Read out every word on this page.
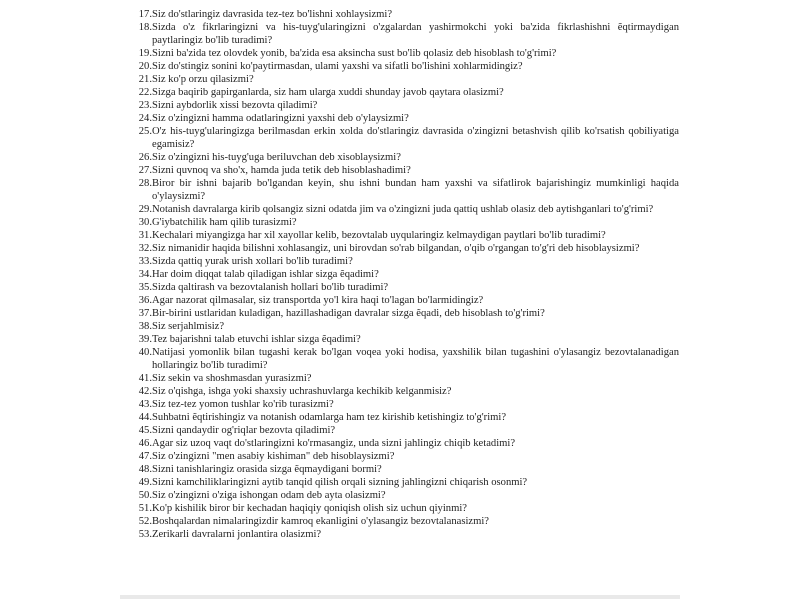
17. Siz do'stlaringiz davrasida tez-tez bo'lishni xohlaysizmi?
18. Sizda o'z fikrlaringizni va his-tuyg'ularingizni o'zgalardan yashirmokchi yoki ba'zida fikrlashishni ẽqtirmaydigan paytlaringiz bo'lib turadimi?
19. Sizni ba'zida tez olovdek yonib, ba'zida esa aksincha sust bo'lib qolasiz deb hisoblash to'g'rimi?
20. Siz do'stingiz sonini ko'paytirmasdan, ulami yaxshi va sifatli bo'lishini xohlarmidingiz?
21. Siz ko'p orzu qilasizmi?
22. Sizga baqirib gapirganlarda, siz ham ularga xuddi shunday javob qaytara olasizmi?
23. Sizni aybdorlik xissi bezovta qiladimi?
24. Siz o'zingizni hamma odatlaringizni yaxshi deb o'ylaysizmi?
25. O'z his-tuyg'ularingizga berilmasdan erkin xolda do'stlaringiz davrasida o'zingizni betashvish qilib ko'rsatish qobiliyatiga egamisiz?
26. Siz o'zingizni his-tuyg'uga beriluvchan deb xisoblaysizmi?
27. Sizni quvnoq va sho'x, hamda juda tetik deb hisoblashadimi?
28. Biror bir ishni bajarib bo'lgandan keyin, shu ishni bundan ham yaxshi va sifatlirok bajarishingiz mumkinligi haqida o'ylaysizmi?
29. Notanish davralarga kirib qolsangiz sizni odatda jim va o'zingizni juda qattiq ushlab olasiz deb aytishganlari to'g'rimi?
30. G'iybatchilik ham qilib turasizmi?
31. Kechalari miyangizga har xil xayollar kelib, bezovtalab uyqularingiz kelmaydigan paytlari bo'lib turadimi?
32. Siz nimanidir haqida bilishni xohlasangiz, uni birovdan so'rab bilgandan, o'qib o'rgangan to'g'ri deb hisoblaysizmi?
33. Sizda qattiq yurak urish xollari bo'lib turadimi?
34. Har doim diqqat talab qiladigan ishlar sizga ẽqadimi?
35. Sizda qaltirash va bezovtalanish hollari bo'lib turadimi?
36. Agar nazorat qilmasalar, siz transportda yo'l kira haqi to'lagan bo'larmidingiz?
37. Bir-birini ustlaridan kuladigan, hazillashadigan davralar sizga ẽqadi, deb hisoblash to'g'rimi?
38. Siz serjahlmisiz?
39. Tez bajarishni talab etuvchi ishlar sizga ẽqadimi?
40. Natijasi yomonlik bilan tugashi kerak bo'lgan voqea yoki hodisa, yaxshilik bilan tugashini o'ylasangiz bezovtalanadigan hollaringiz bo'lib turadimi?
41. Siz sekin va shoshmasdan yurasizmi?
42. Siz o'qishga, ishga yoki shaxsiy uchrashuvlarga kechikib kelganmisiz?
43. Siz tez-tez yomon tushlar ko'rib turasizmi?
44. Suhbatni ẽqtirishingiz va notanish odamlarga ham tez kirishib ketishingiz to'g'rimi?
45. Sizni qandaydir og'riqlar bezovta qiladimi?
46. Agar siz uzoq vaqt do'stlaringizni ko'rmasangiz, unda sizni jahlingiz chiqib ketadimi?
47. Siz o'zingizni "men asabiy kishiman" deb hisoblaysizmi?
48. Sizni tanishlaringiz orasida sizga ẽqmaydigani bormi?
49. Sizni kamchiliklaringizni aytib tanqid qilish orqali sizning jahlingizni chiqarish osonmi?
50. Siz o'zingizni o'ziga ishongan odam deb ayta olasizmi?
51. Ko'p kishilik biror bir kechadan haqiqiy qoniqish olish siz uchun qiyinmi?
52. Boshqalardan nimalaringizdir kamroq ekanligini o'ylasangiz bezovtalanasizmi?
53. Zerikarli davralarni jonlantira olasizmi?
